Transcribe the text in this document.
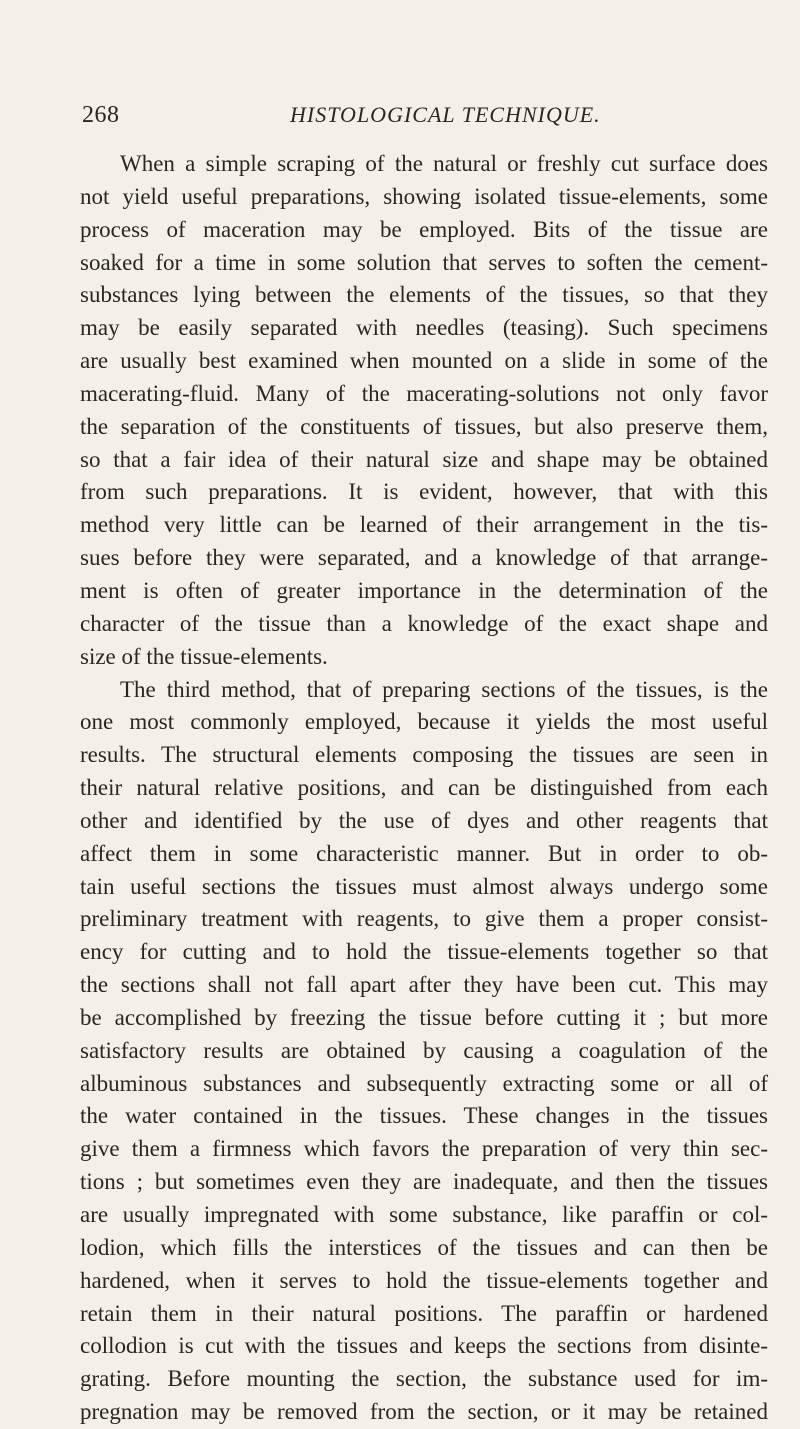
268	HISTOLOGICAL TECHNIQUE.
When a simple scraping of the natural or freshly cut surface does
not yield useful preparations, showing isolated tissue-elements, some
process of maceration may be employed. Bits of the tissue are
soaked for a time in some solution that serves to soften the cement-
substances lying between the elements of the tissues, so that they
may be easily separated with needles (teasing). Such specimens
are usually best examined when mounted on a slide in some of the
macerating-fluid. Many of the macerating-solutions not only favor
the separation of the constituents of tissues, but also preserve them,
so that a fair idea of their natural size and shape may be obtained
from such preparations. It is evident, however, that with this
method very little can be learned of their arrangement in the tis-
sues before they were separated, and a knowledge of that arrange-
ment is often of greater importance in the determination of the
character of the tissue than a knowledge of the exact shape and
size of the tissue-elements.
The third method, that of preparing sections of the tissues, is the
one most commonly employed, because it yields the most useful
results. The structural elements composing the tissues are seen in
their natural relative positions, and can be distinguished from each
other and identified by the use of dyes and other reagents that
affect them in some characteristic manner. But in order to ob-
tain useful sections the tissues must almost always undergo some
preliminary treatment with reagents, to give them a proper consist-
ency for cutting and to hold the tissue-elements together so that
the sections shall not fall apart after they have been cut. This may
be accomplished by freezing the tissue before cutting it ; but more
satisfactory results are obtained by causing a coagulation of the
albuminous substances and subsequently extracting some or all of
the water contained in the tissues. These changes in the tissues
give them a firmness which favors the preparation of very thin sec-
tions ; but sometimes even they are inadequate, and then the tissues
are usually impregnated with some substance, like paraffin or col-
lodion, which fills the interstices of the tissues and can then be
hardened, when it serves to hold the tissue-elements together and
retain them in their natural positions. The paraffin or hardened
collodion is cut with the tissues and keeps the sections from disinte-
grating. Before mounting the section, the substance used for im-
pregnation may be removed from the section, or it may be retained
